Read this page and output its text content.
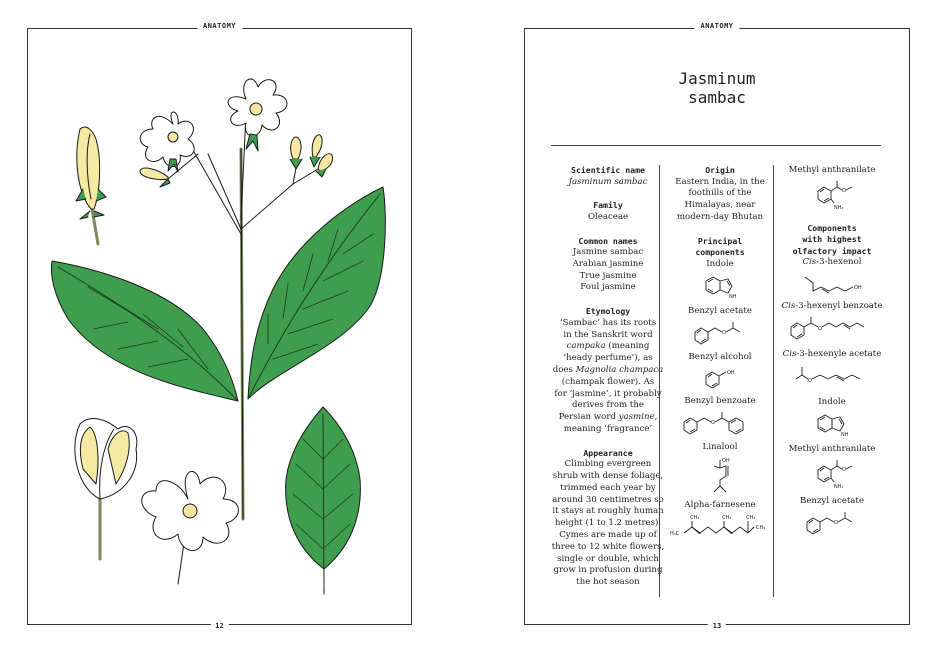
ANATOMY
12
ANATOMY
13
Jasminum
sambac
Scientific name
Jasminum sambac
Family
Oleaceae
Common names
Jasmine sambac
Arabian jasmine
True jasmine
Foul jasmine
Etymology
‘Sambac’ has its roots
in the Sanskrit word
campaka (meaning
‘heady perfume’), as
does Magnolia champaca
(champak flower). As
for ‘jasmine’, it probably
derives from the
Persian word yasmine,
meaning ‘fragrance’
Appearance
Climbing evergreen
shrub with dense foliage,
trimmed each year by
around 30 centimetres so
it stays at roughly human
height (1 to 1.2 metres).
Cymes are made up of
three to 12 white flowers,
single or double, which
grow in profusion during
the hot season
Origin
Eastern India, in the
foothills of the
Himalayas, near
modern-day Bhutan
Principal
components
Indole
NH
Benzyl acetate
O
Benzyl alcohol
OH
Benzyl benzoate
O
Linalool
OH
Alpha-farnesene
H₃C
CH₃	CH₃	CH₃
CH₃
Methyl anthranilate
O
NH₂
Components
with highest
olfactory impact
Cis-3-hexenol
OH
Cis-3-hexenyl benzoate
O
Cis-3-hexenyle acetate
O
Indole
NH
Methyl anthranilate
O
NH₂
Benzyl acetate
O
